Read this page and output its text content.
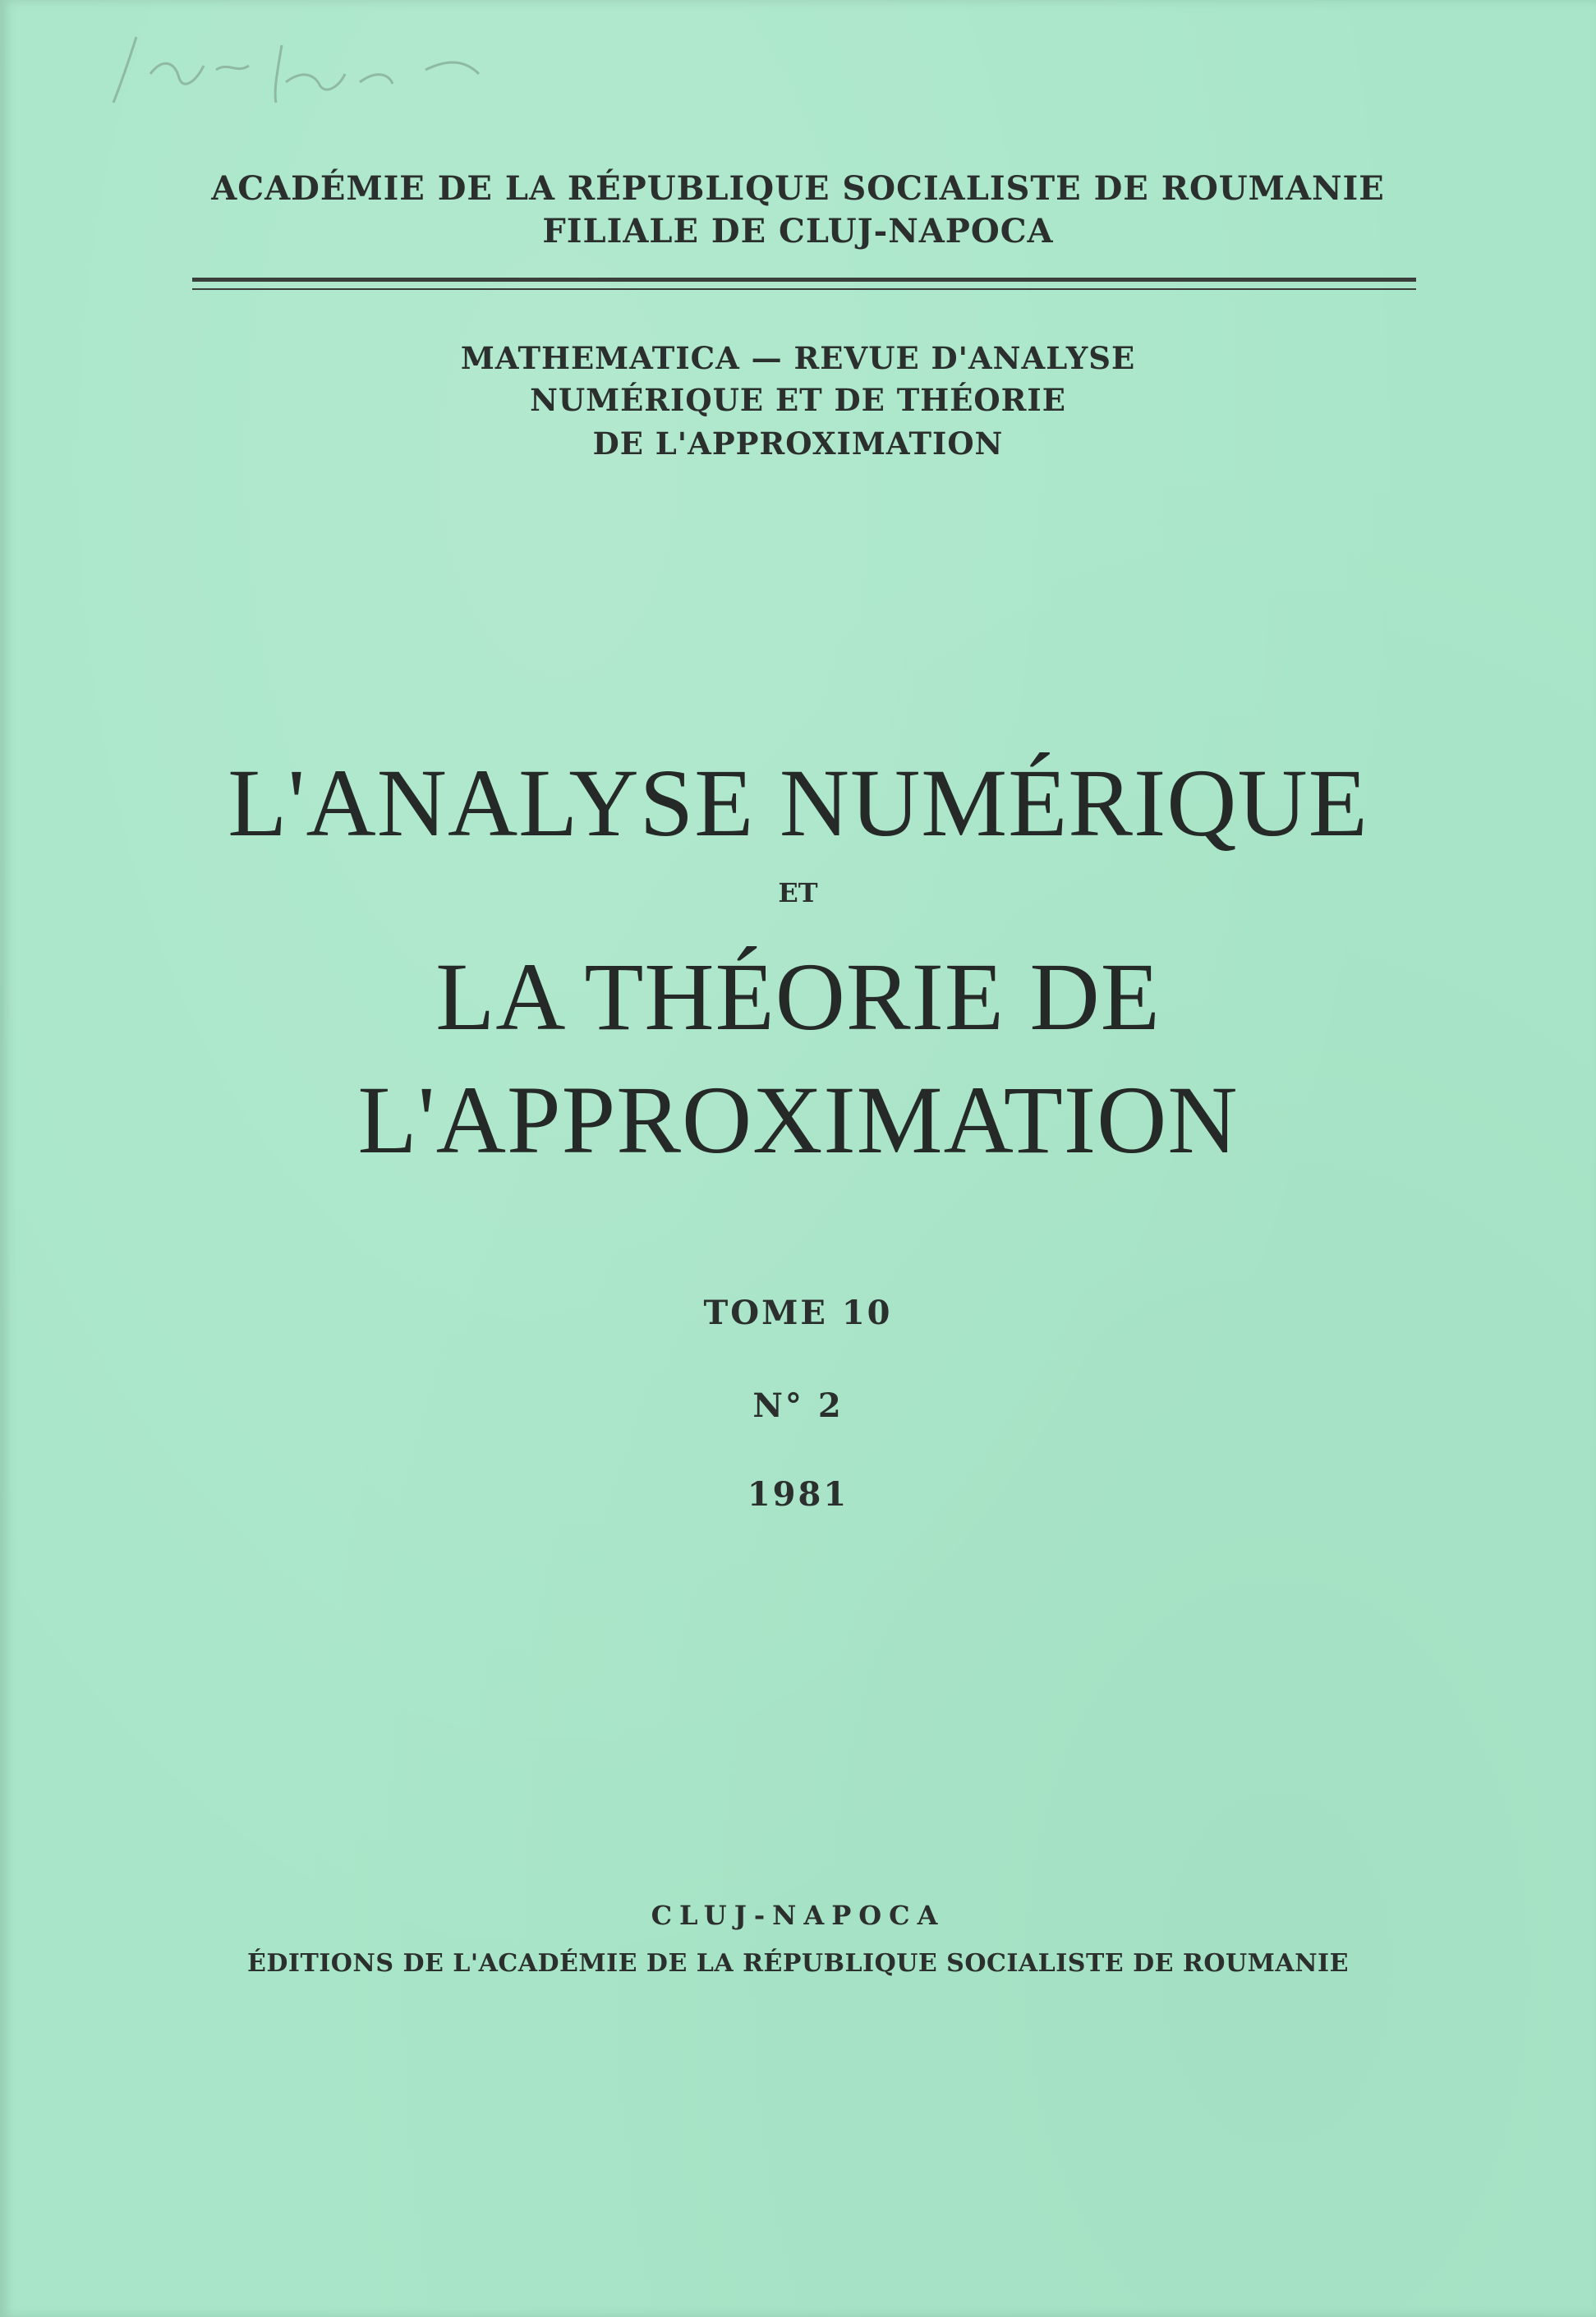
ACADÉMIE DE LA RÉPUBLIQUE SOCIALISTE DE ROUMANIE

FILIALE DE CLUJ-NAPOCA

MATHEMATICA — REVUE D'ANALYSE

NUMÉRIQUE ET DE THÉORIE

DE L'APPROXIMATION

L'ANALYSE NUMÉRIQUE

ET

LA THÉORIE DE

L'APPROXIMATION

TOME 10

N° 2

1981

CLUJ-NAPOCA

ÉDITIONS DE L'ACADÉMIE DE LA RÉPUBLIQUE SOCIALISTE DE ROUMANIE
